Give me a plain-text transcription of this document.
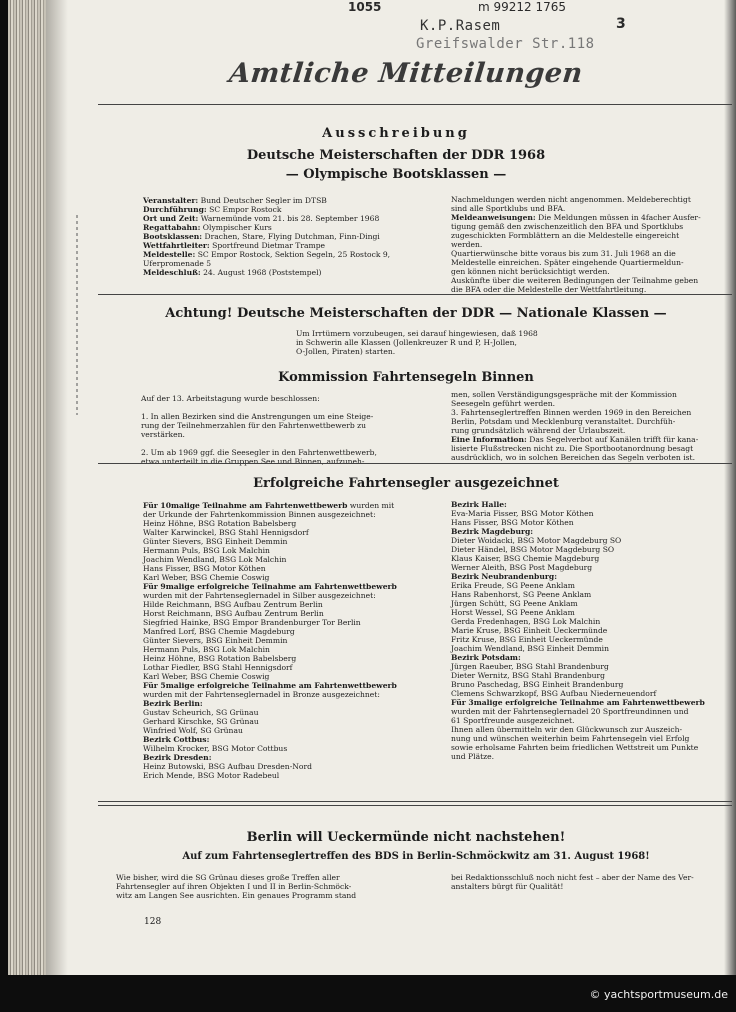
1055	m 99212 1765
K.P.Rasem
Greifswalder Str.118
3
Amtliche Mitteilungen
Ausschreibung
Deutsche Meisterschaften der DDR 1968
— Olympische Bootsklassen —
Veranstalter: Bund Deutscher Segler im DTSB
Durchführung: SC Empor Rostock
Ort und Zeit: Warnemünde vom 21. bis 28. September 1968
Regattabahn: Olympischer Kurs
Bootsklassen: Drachen, Stare, Flying Dutchman, Finn-Dingi
Wettfahrtleiter: Sportfreund Dietmar Trampe
Meldestelle: SC Empor Rostock, Sektion Segeln, 25 Rostock 9,
Uferpromenade 5
Meldeschluß: 24. August 1968 (Poststempel)
Nachmeldungen werden nicht angenommen. Meldeberechtigt
sind alle Sportklubs und BFA.
Meldeanweisungen: Die Meldungen müssen in 4facher Ausfer-
tigung gemäß den zwischenzeitlich den BFA und Sportklubs
zugeschickten Formblättern an die Meldestelle eingereicht
werden.
Quartierwünsche bitte voraus bis zum 31. Juli 1968 an die
Meldestelle einreichen. Später eingehende Quartiermeldun-
gen können nicht berücksichtigt werden.
Auskünfte über die weiteren Bedingungen der Teilnahme geben
die BFA oder die Meldestelle der Wettfahrtleitung.
Achtung! Deutsche Meisterschaften der DDR — Nationale Klassen —
Um Irrtümern vorzubeugen, sei darauf hingewiesen, daß 1968
in Schwerin alle Klassen (Jollenkreuzer R und P, H-Jollen,
O-Jollen, Piraten) starten.
Kommission Fahrtensegeln Binnen
Auf der 13. Arbeitstagung wurde beschlossen:

1. In allen Bezirken sind die Anstrengungen um eine Steige-
rung der Teilnehmerzahlen für den Fahrtenwettbewerb zu
verstärken.

2. Um ab 1969 ggf. die Seesegler in den Fahrtenwettbewerb,
etwa unterteilt in die Gruppen See und Binnen, aufzuneh-
men, sollen Verständigungsgespräche mit der Kommission
Seesegeln geführt werden.
3. Fahrtenseglertreffen Binnen werden 1969 in den Bereichen
Berlin, Potsdam und Mecklenburg veranstaltet. Durchfüh-
rung grundsätzlich während der Urlaubszeit.
Eine Information: Das Segelverbot auf Kanälen trifft für kana-
lisierte Flußstrecken nicht zu. Die Sportbootanordnung besagt
ausdrücklich, wo in solchen Bereichen das Segeln verboten ist.
Erfolgreiche Fahrtensegler ausgezeichnet
Für 10malige Teilnahme am Fahrtenwettbewerb wurden mit
der Urkunde der Fahrtenkommission Binnen ausgezeichnet:
Heinz Höhne, BSG Rotation Babelsberg
Walter Karwinckel, BSG Stahl Hennigsdorf
Günter Sievers, BSG Einheit Demmin
Hermann Puls, BSG Lok Malchin
Joachim Wendland, BSG Lok Malchin
Hans Fisser, BSG Motor Köthen
Karl Weber, BSG Chemie Coswig
Für 9malige erfolgreiche Teilnahme am Fahrtenwettbewerb
wurden mit der Fahrtenseglernadel in Silber ausgezeichnet:
Hilde Reichmann, BSG Aufbau Zentrum Berlin
Horst Reichmann, BSG Aufbau Zentrum Berlin
Siegfried Hainke, BSG Empor Brandenburger Tor Berlin
Manfred Lorf, BSG Chemie Magdeburg
Günter Sievers, BSG Einheit Demmin
Hermann Puls, BSG Lok Malchin
Heinz Höhne, BSG Rotation Babelsberg
Lothar Fiedler, BSG Stahl Hennigsdorf
Karl Weber, BSG Chemie Coswig
Für 5malige erfolgreiche Teilnahme am Fahrtenwettbewerb
wurden mit der Fahrtenseglernadel in Bronze ausgezeichnet:
Bezirk Berlin:
Gustav Scheurich, SG Grünau
Gerhard Kirschke, SG Grünau
Winfried Wolf, SG Grünau
Bezirk Cottbus:
Wilhelm Krocker, BSG Motor Cottbus
Bezirk Dresden:
Heinz Butowski, BSG Aufbau Dresden-Nord
Erich Mende, BSG Motor Radebeul
Bezirk Halle:
Eva-Maria Fisser, BSG Motor Köthen
Hans Fisser, BSG Motor Köthen
Bezirk Magdeburg:
Dieter Woidacki, BSG Motor Magdeburg SO
Dieter Händel, BSG Motor Magdeburg SO
Klaus Kaiser, BSG Chemie Magdeburg
Werner Aleith, BSG Post Magdeburg
Bezirk Neubrandenburg:
Erika Freude, SG Peene Anklam
Hans Rabenhorst, SG Peene Anklam
Jürgen Schütt, SG Peene Anklam
Horst Wessel, SG Peene Anklam
Gerda Fredenhagen, BSG Lok Malchin
Marie Kruse, BSG Einheit Ueckermünde
Fritz Kruse, BSG Einheit Ueckermünde
Joachim Wendland, BSG Einheit Demmin
Bezirk Potsdam:
Jürgen Raeuber, BSG Stahl Brandenburg
Dieter Wernitz, BSG Stahl Brandenburg
Bruno Paschedag, BSG Einheit Brandenburg
Clemens Schwarzkopf, BSG Aufbau Niederneuendorf
Für 3malige erfolgreiche Teilnahme am Fahrtenwettbewerb
wurden mit der Fahrtenseglernadel 20 Sportfreundinnen und
61 Sportfreunde ausgezeichnet.
Ihnen allen übermitteln wir den Glückwunsch zur Auszeich-
nung und wünschen weiterhin beim Fahrtensegeln viel Erfolg
sowie erholsame Fahrten beim friedlichen Wettstreit um Punkte
und Plätze.
Berlin will Ueckermünde nicht nachstehen!
Auf zum Fahrtenseglertreffen des BDS in Berlin-Schmöckwitz am 31. August 1968!
Wie bisher, wird die SG Grünau dieses große Treffen aller
Fahrtensegler auf ihren Objekten I und II in Berlin-Schmöck-
witz am Langen See ausrichten. Ein genaues Programm stand
bei Redaktionsschluß noch nicht fest – aber der Name des Ver-
anstalters bürgt für Qualität!
128
© yachtsportmuseum.de
